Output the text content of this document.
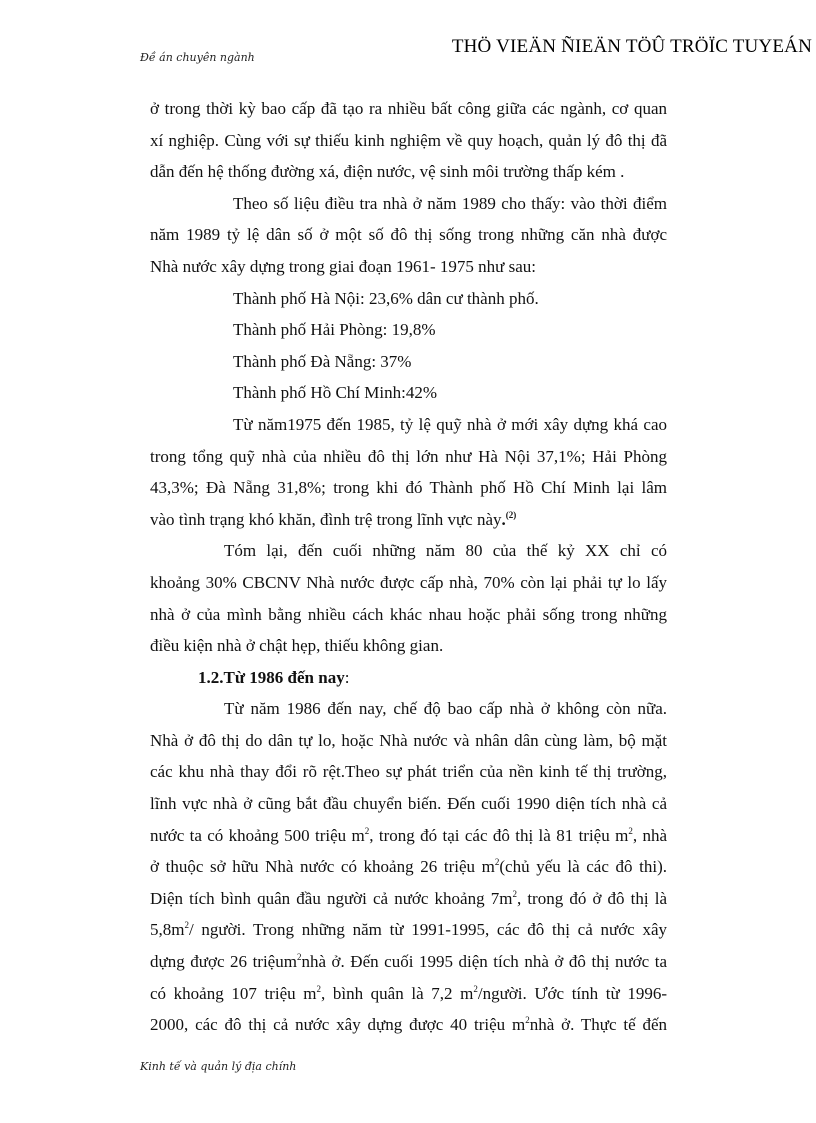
Đề án chuyên ngành
THÖ VIEÄN ÑIEÄN TÖÛ TRÖÏC TUYEÁN
ở trong thời kỳ bao cấp đã tạo ra nhiều bất công giữa các ngành, cơ quan
xí nghiệp. Cùng với sự thiếu kinh nghiệm về quy hoạch, quản lý đô thị đã
dẫn đến hệ thống đường xá, điện nước, vệ sinh môi trường thấp kém .
Theo số liệu điều tra nhà ở năm 1989 cho thấy: vào thời điểm
năm 1989 tỷ lệ dân số ở một số đô thị sống trong những căn nhà được
Nhà nước xây dựng trong giai đoạn 1961- 1975 như sau:
Thành phố Hà Nội: 23,6% dân cư thành phố.
Thành phố Hải Phòng: 19,8%
Thành phố Đà Nẵng: 37%
Thành phố Hồ Chí Minh:42%
Từ năm1975 đến 1985, tỷ lệ quỹ nhà ở mới xây dựng khá cao
trong tổng quỹ nhà của nhiều đô thị lớn như Hà Nội 37,1%; Hải Phòng
43,3%; Đà Nẵng 31,8%; trong khi đó Thành phố Hồ Chí Minh lại lâm
vào tình trạng khó khăn, đình trệ trong lĩnh vực này.$^{(2)}$
Tóm lại, đến cuối những năm 80 của thế kỷ XX chỉ có
khoảng 30% CBCNV Nhà nước được cấp nhà, 70% còn lại phải tự lo lấy
nhà ở của mình bằng nhiều cách khác nhau hoặc phải sống trong những
điều kiện nhà ở chật hẹp, thiếu không gian.
1.2.Từ 1986 đến nay:
Từ năm 1986 đến nay, chế độ bao cấp nhà ở không còn nữa.
Nhà ở đô thị do dân tự lo, hoặc Nhà nước và nhân dân cùng làm, bộ mặt
các khu nhà thay đổi rõ rệt.Theo sự phát triển của nền kinh tế thị trường,
lĩnh vực nhà ở cũng bắt đầu chuyển biến. Đến cuối 1990 diện tích nhà cả
nước ta có khoảng 500 triệu $m^2$, trong đó tại các đô thị là 81 triệu $m^2$, nhà
ở thuộc sở hữu Nhà nước có khoảng 26 triệu $m^2(chủ$ yếu là các đô thi).
Diện tích bình quân đầu người cả nước khoảng $7m^2$, trong đó ở đô thị là
$5,8m^2/$ người. Trong những năm từ 1991-1995, các đô thị cả nước xây
dựng được 26 triệum$^2$nhà ở. Đến cuối 1995 diện tích nhà ở đô thị nước ta
có khoảng 107 triệu $m^2$, bình quân là 7,2 $m^2$/người. Ước tính từ 1996-
2000, các đô thị cả nước xây dựng được 40 triệu $m^2nhà$ ở. Thực tế đến
Kinh tế và quản lý địa chính
